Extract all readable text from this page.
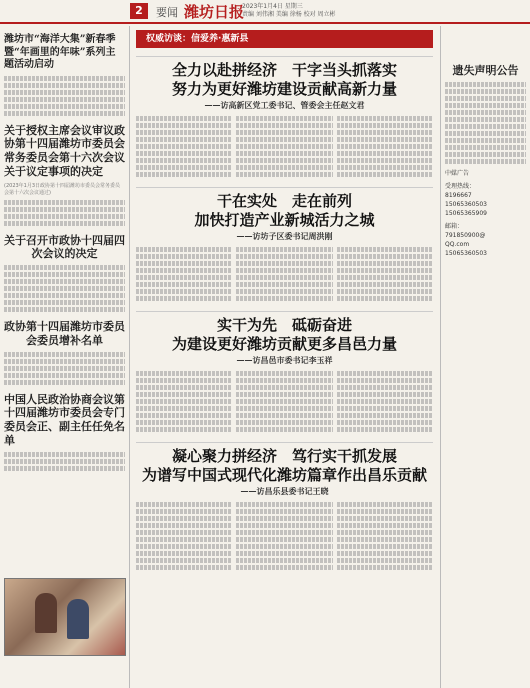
2	要闻 潍坊日报
2023年1月4日 星期三
责编 刘伟湘 美编 徐杨 校对 周立彬
潍坊市“海洋大集”新春季暨“年画里的年味”系列主题活动启动
关于授权主席会议审议政协第十四届潍坊市委员会常务委员会第十六次会议关于议定事项的决定
(2023年1月3日政协第十四届潍坊市委员会常务委员会第十六次会议通过)
关于召开市政协十四届四次会议的决定
政协第十四届潍坊市委员会委员增补名单
中国人民政治协商会议第十四届潍坊市委员会专门委员会正、副主任任免名单
权威访谈：信爱养·惠新县
全力以赴拼经济　干字当头抓落实
努力为更好潍坊建设贡献高新力量
——访高新区党工委书记、管委会主任赵文君
干在实处　走在前列
加快打造产业新城活力之城
——访坊子区委书记周洪刚
实干为先　砥砺奋进
为建设更好潍坊贡献更多昌邑力量
——访昌邑市委书记李玉祥
凝心聚力拼经济　笃行实干抓发展
为谱写中国式现代化潍坊篇章作出昌乐贡献
——访昌乐县委书记王晓
遗失声明公告
中媒广告
受理热线：
8196667
15065360503
15065365909
邮箱：
791850900@
QQ.com
15065360503
